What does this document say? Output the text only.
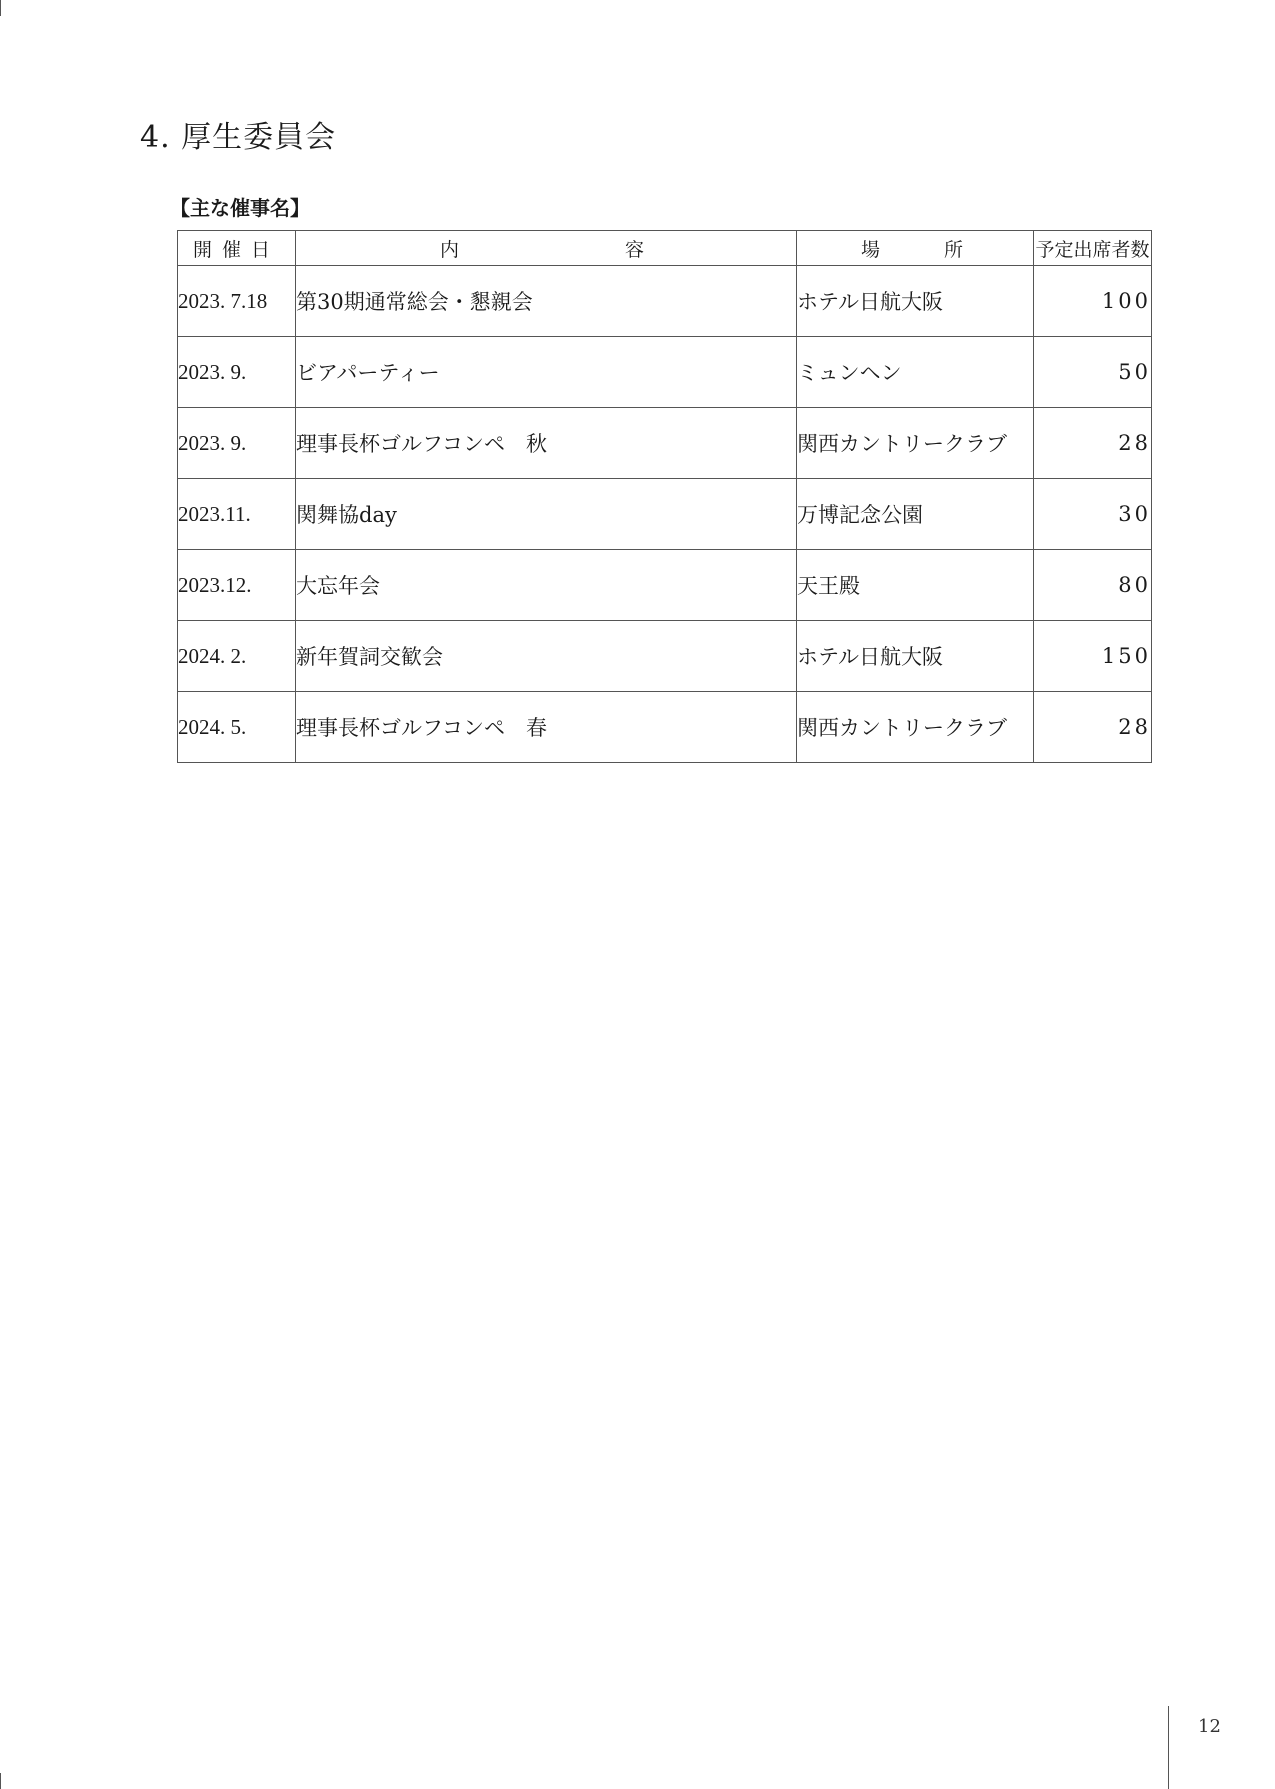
4. 厚生委員会
【主な催事名】
開催日	内 容	場 所	予定出席者数
2023. 7.18	第30期通常総会・懇親会	ホテル日航大阪	100
2023. 9.	ビアパーティー	ミュンヘン	50
2023. 9.	理事長杯ゴルフコンペ　秋	関西カントリークラブ	28
2023.11.	関舞協day	万博記念公園	30
2023.12.	大忘年会	天王殿	80
2024. 2.	新年賀詞交歓会	ホテル日航大阪	150
2024. 5.	理事長杯ゴルフコンペ　春	関西カントリークラブ	28
12
